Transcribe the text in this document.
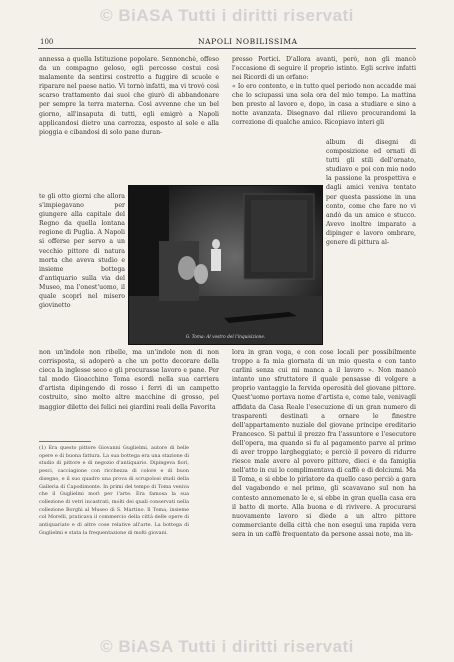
© BiASA Tutti i diritti riservati
100	NAPOLI NOBILISSIMA
annessa a quella Istituzione popolare. Sennonchè, offeso da un compagno geloso, egli percosse costui così malamente da sentirsi costretto a fuggire di scuole e riparare nel paese natio. Vi tornò infatti, ma vi trovò così scarso trattamento dai suoi che giurò di abbandonare per sempre la terra materna. Così avvenne che un bel giorno, all'insaputa di tutti, egli emigrò a Napoli applicandosi dietro una carrozza, esposto al sole e alla pioggia e cibandosi di solo pane duran-
te gli otto giorni che allora s'impiegavano per giungere alla capitale del Regno da quella lontana regione di Puglia. A Napoli si offerse per servo a un vecchio pittore di natura morta che aveva studio e insieme bottega d'antiquario sulla via del Museo, ma l'onest'uomo, il quale scoprì nel misero giovinetto
non un'indole non ribelle, ma un'indole non di non corrisposta, si adoperò a che un potto decorare della cieca la inglesse seco e gli procurasse lavoro e pane. Per tal modo Gioacchino Toma esordì nella sua carriera d'artista dipingendo di rosso i ferri di un campetto costruito, sino molto altre macchine di grosso, pel maggior diletto dei felici nei giardini reali della Favorita
presso Portici. D'allora avanti, però, non gli mancò l'occasione di seguire il proprio istinto. Egli scrive infatti nei Ricordi di un orfano:
« Io ero contento, e in tutto quel periodo non accadde mai che lo sciupassi una sola ora del mio tempo. La mattina ben presto al lavoro e, dopo, in casa a studiare e sino a notte avanzata. Disegnavo dal rilievo procurandomi la correzione di qualche amico. Ricopiavo interi gli
album di disegni di composizione ed ornati di tutti gli stili dell'ornato, studiavo e poi con mio nodo la passione la prospettiva e dagli amici veniva tentato per questa passione in una conto, come che fare no vi andò da un amico e stucco. Avevo inoltre imparato a dipinger e lavoro ombrare, genere di pittura al-
lora in gran voga, e con cose locali per possibilmente troppo a fa mia giornata di un mio questa e con tanto carlini senza cui mi manca a il lavoro ». Non mancò intanto uno sfruttatore il quale pensasse di volgere a proprio vantaggio la fervida operosità del giovane pittore. Quest'uomo portava nome d'artista e, come tale, venivagli affidata da Casa Reale l'esecuzione di un gran numero di trasparenti destinati a ornare le finestre dell'appartamento nuziale del giovane principe ereditario Francesco. Si pattuì il prezzo fra l'assuntore e l'esecutore dell'opera, ma quando si fu al pagamento parve al primo di aver troppo largheggiato; e perciò il povero di ridurre riesce male avere al povero pittore, dieci e da famiglia nell'atto in cui lo complimentava di caffè e di dolciumi. Ma il Toma, e si ebbe lo pirlatore da quello caso perciò a gara del vagabondo e nel primo, gli scavavano sul non ha contesto annomenato le e, si ebbe in gran quella casa era il batto di morte. Alla buona e di rivivere. A procurarsi nuovamente lavoro si diede a un altro pittore commerciante della città che non eseguì una rapida vera sera in un caffè frequentato da persone assai note, ma in-
G. Toma: Al vostro del l'inquisizione.
(1) Era questo pittore Giovanni Guglielmi, autore di belle opere e di buona fattura. La sua bottega era una stazione di studio di pittore e di negozio d'antiquario. Dipingeva fiori, pesci, cacciagione con ricchezza di colore e di buon disegno, e il suo quadro una prova di scrupolosi studi della Galleria di Capodimonte. In primi del tempo di Toma veniva che il Guglielmi morì per l'arte. Era famosa la sua collezione di vetri incastrati, molti dei quali conservati nella collezione Borghi al Museo di S. Martino. Il Toma, insieme col Morelli, praticava il commercio della città delle opere di antiquariato e di altre cose relative all'arte. La bottega di Guglielmi e stata la frequentazione di molti giovani.
© BiASA Tutti i diritti riservati
